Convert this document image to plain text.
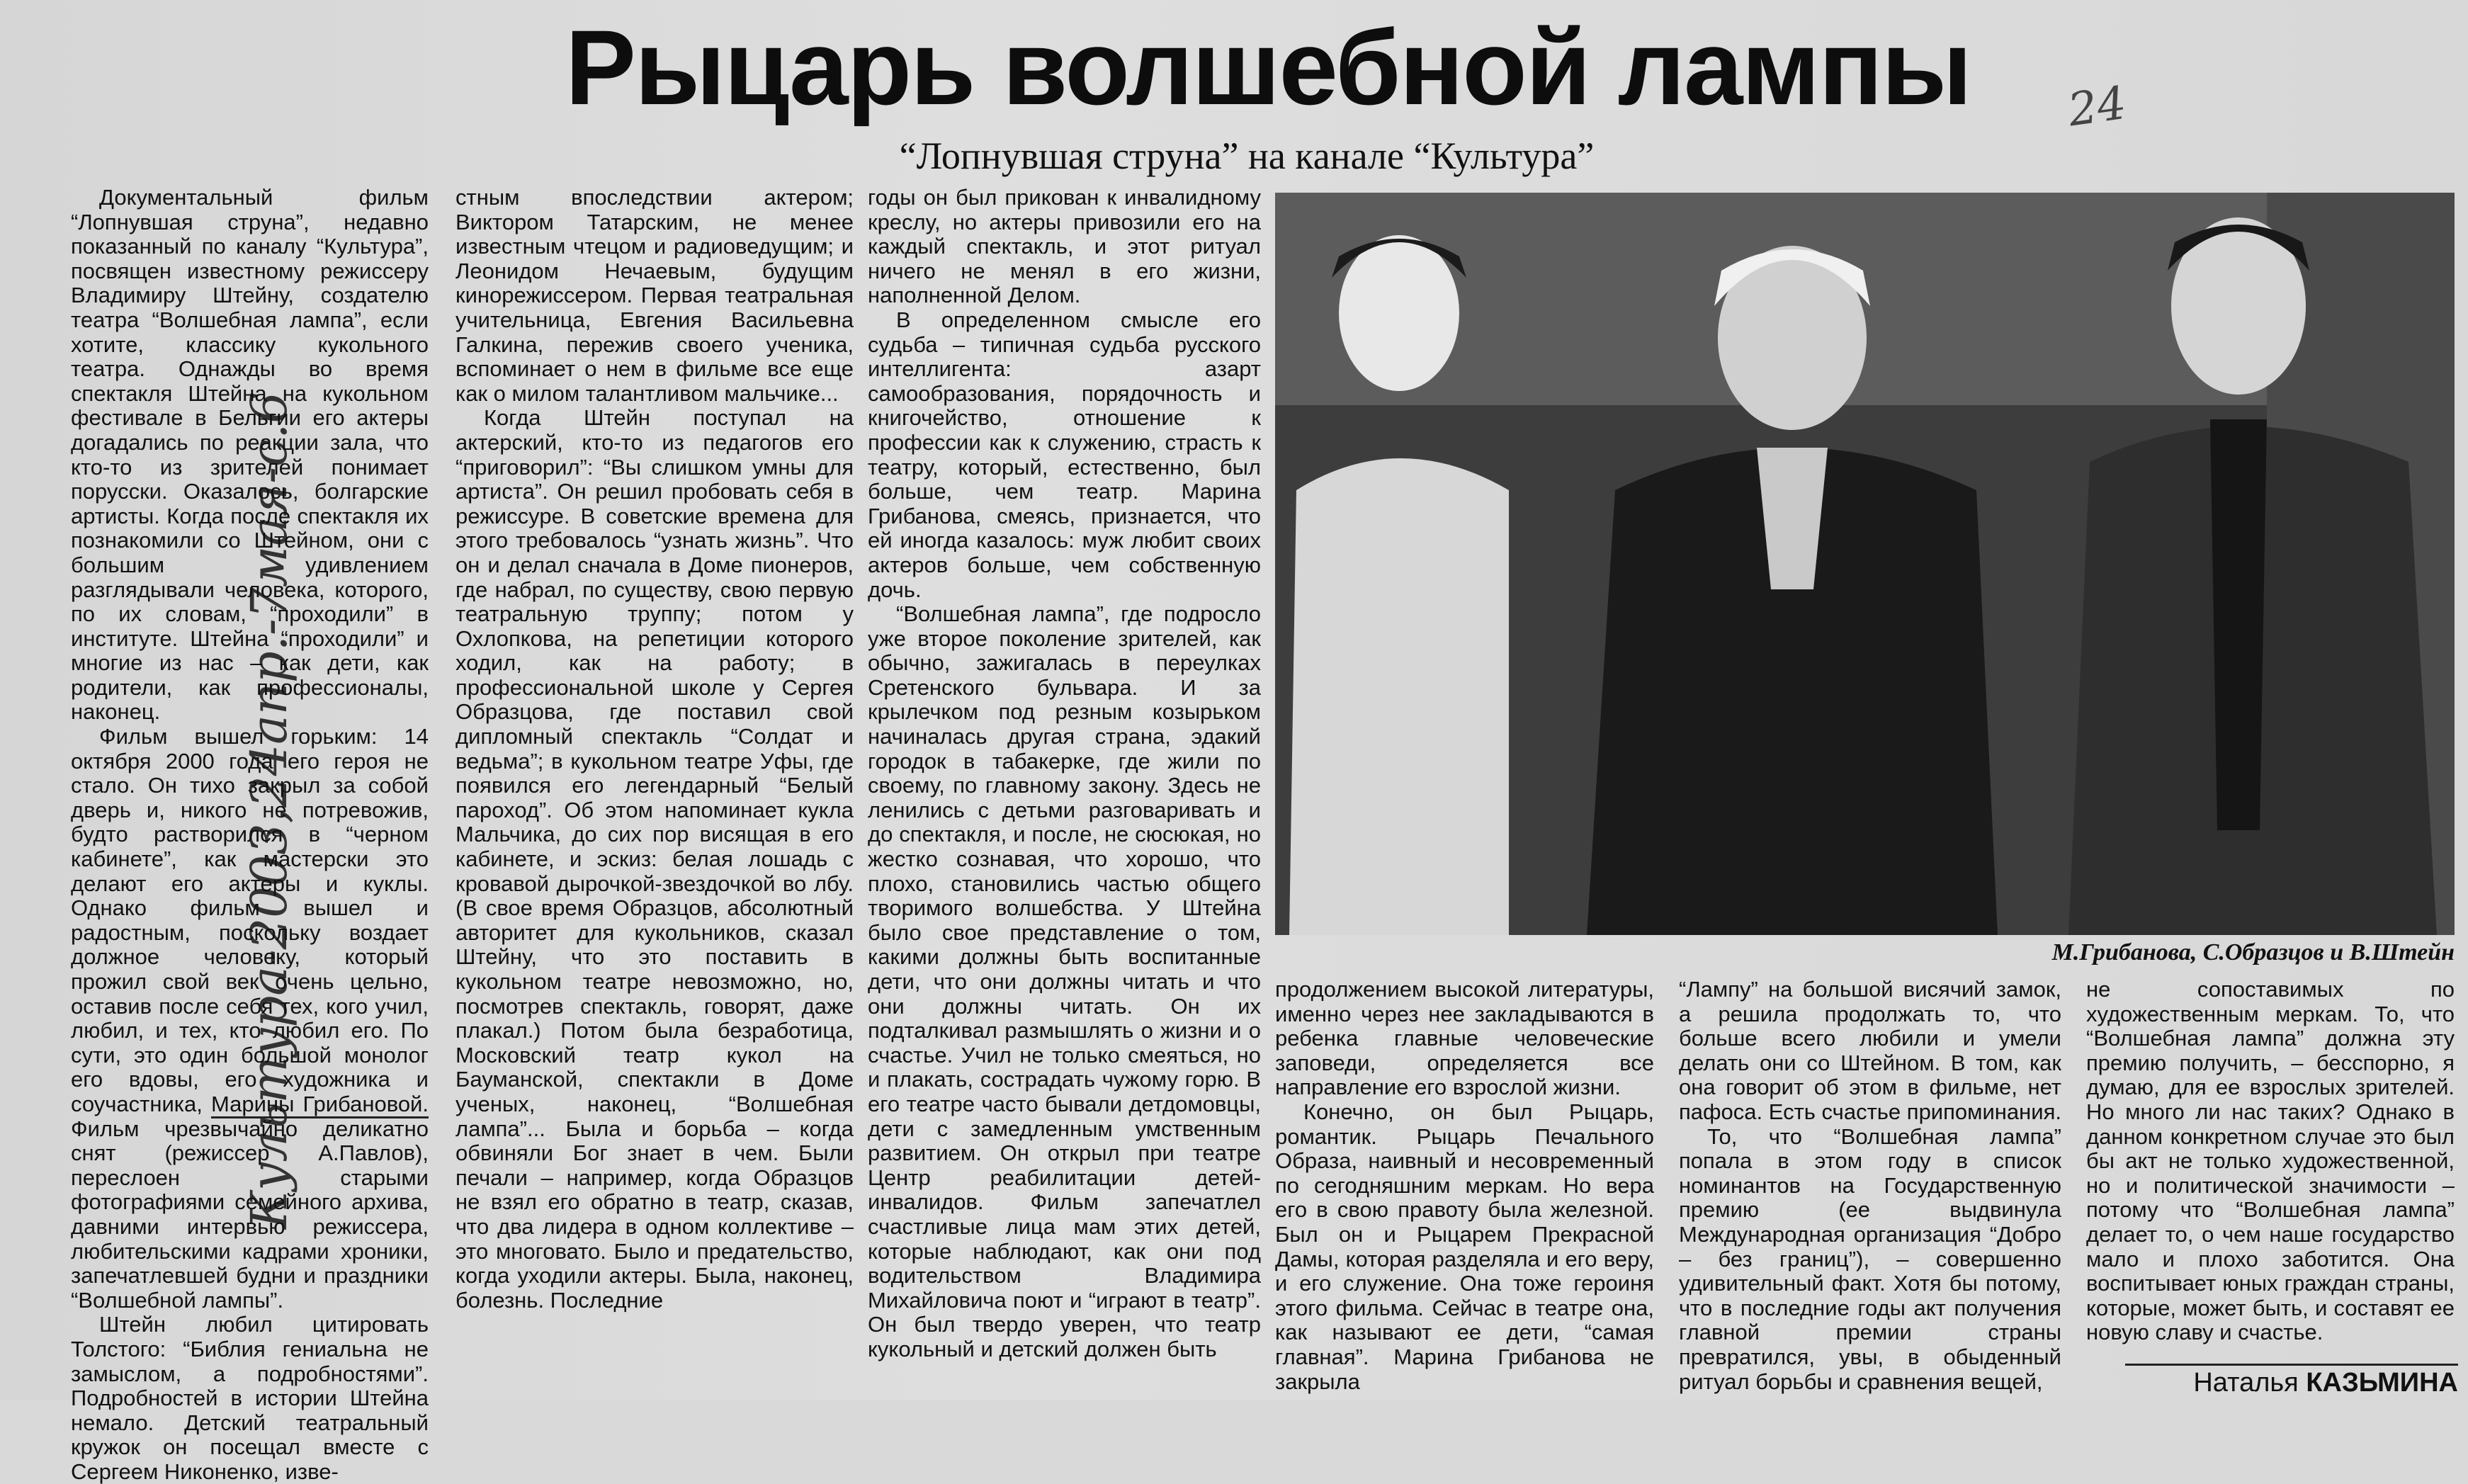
Рыцарь волшебной лампы
“Лопнувшая струна” на канале “Культура”
Культура-2003,24апр.-7мая-с.6
24

Документальный фильм “Лопнувшая струна”, недавно показанный по каналу “Культура”, посвящен известному режиссеру Владимиру Штейну, создателю театра “Волшебная лампа”, если хотите, классику кукольного театра. Однажды во время спектакля Штейна на кукольном фестивале в Бельгии его актеры догадались по реакции зала, что кто-то из зрителей понимает порусски. Оказалось, болгарские артисты. Когда после спектакля их познакомили со Штейном, они с большим удивлением разглядывали человека, которого, по их словам, “проходили” в институте. Штейна “проходили” и многие из нас – как дети, как родители, как профессионалы, наконец.

Фильм вышел горьким: 14 октября 2000 года его героя не стало. Он тихо закрыл за собой дверь и, никого не потревожив, будто растворился в “черном кабинете”, как мастерски это делают его актеры и куклы. Однако фильм вышел и радостным, поскольку воздает должное человеку, который прожил свой век очень цельно, оставив после себя тех, кого учил, любил, и тех, кто любил его. По сути, это один большой монолог его вдовы, его художника и соучастника, Марины Грибановой. Фильм чрезвычайно деликатно снят (режиссер А.Павлов), переслоен старыми фотографиями семейного архива, давними интервью режиссера, любительскими кадрами хроники, запечатлевшей будни и праздники “Волшебной лампы”.

Штейн любил цитировать Толстого: “Библия гениальна не замыслом, а подробностями”. Подробностей в истории Штейна немало. Детский театральный кружок он посещал вместе с Сергеем Никоненко, изве-

стным впоследствии актером; Виктором Татарским, не менее известным чтецом и радиоведущим; и Леонидом Нечаевым, будущим кинорежиссером. Первая театральная учительница, Евгения Васильевна Галкина, пережив своего ученика, вспоминает о нем в фильме все еще как о милом талантливом мальчике...

Когда Штейн поступал на актерский, кто-то из педагогов его “приговорил”: “Вы слишком умны для артиста”. Он решил пробовать себя в режиссуре. В советские времена для этого требовалось “узнать жизнь”. Что он и делал сначала в Доме пионеров, где набрал, по существу, свою первую театральную труппу; потом у Охлопкова, на репетиции которого ходил, как на работу; в профессиональной школе у Сергея Образцова, где поставил свой дипломный спектакль “Солдат и ведьма”; в кукольном театре Уфы, где появился его легендарный “Белый пароход”. Об этом напоминает кукла Мальчика, до сих пор висящая в его кабинете, и эскиз: белая лошадь с кровавой дырочкой-звездочкой во лбу. (В свое время Образцов, абсолютный авторитет для кукольников, сказал Штейну, что это поставить в кукольном театре невозможно, но, посмотрев спектакль, говорят, даже плакал.) Потом была безработица, Московский театр кукол на Бауманской, спектакли в Доме ученых, наконец, “Волшебная лампа”... Была и борьба – когда обвиняли Бог знает в чем. Были печали – например, когда Образцов не взял его обратно в театр, сказав, что два лидера в одном коллективе – это многовато. Было и предательство, когда уходили актеры. Была, наконец, болезнь. Последние

годы он был прикован к инвалидному креслу, но актеры привозили его на каждый спектакль, и этот ритуал ничего не менял в его жизни, наполненной Делом.

В определенном смысле его судьба – типичная судьба русского интеллигента: азарт самообразования, порядочность и книгочейство, отношение к профессии как к служению, страсть к театру, который, естественно, был больше, чем театр. Марина Грибанова, смеясь, признается, что ей иногда казалось: муж любит своих актеров больше, чем собственную дочь.

“Волшебная лампа”, где подросло уже второе поколение зрителей, как обычно, зажигалась в переулках Сретенского бульвара. И за крылечком под резным козырьком начиналась другая страна, эдакий городок в табакерке, где жили по своему, по главному закону. Здесь не ленились с детьми разговаривать и до спектакля, и после, не сюсюкая, но жестко сознавая, что хорошо, что плохо, становились частью общего творимого волшебства. У Штейна было свое представление о том, какими должны быть воспитанные дети, что они должны читать и что они должны читать. Он их подталкивал размышлять о жизни и о счастье. Учил не только смеяться, но и плакать, сострадать чужому горю. В его театре часто бывали детдомовцы, дети с замедленным умственным развитием. Он открыл при театре Центр реабилитации детей-инвалидов. Фильм запечатлел счастливые лица мам этих детей, которые наблюдают, как они под водительством Владимира Михайловича поют и “играют в театр”. Он был твердо уверен, что театр кукольный и детский должен быть

М.Грибанова, С.Образцов и В.Штейн

продолжением высокой литературы, именно через нее закладываются в ребенка главные человеческие заповеди, определяется все направление его взрослой жизни.

Конечно, он был Рыцарь, романтик. Рыцарь Печального Образа, наивный и несовременный по сегодняшним меркам. Но вера его в свою правоту была железной. Был он и Рыцарем Прекрасной Дамы, которая разделяла и его веру, и его служение. Она тоже героиня этого фильма. Сейчас в театре она, как называют ее дети, “самая главная”. Марина Грибанова не закрыла

“Лампу” на большой висячий замок, а решила продолжать то, что больше всего любили и умели делать они со Штейном. В том, как она говорит об этом в фильме, нет пафоса. Есть счастье припоминания.

То, что “Волшебная лампа” попала в этом году в список номинантов на Государственную премию (ее выдвинула Международная организация “Добро – без границ”), – совершенно удивительный факт. Хотя бы потому, что в последние годы акт получения главной премии страны превратился, увы, в обыденный ритуал борьбы и сравнения вещей,

не сопоставимых по художественным меркам. То, что “Волшебная лампа” должна эту премию получить, – бесспорно, я думаю, для ее взрослых зрителей. Но много ли нас таких? Однако в данном конкретном случае это был бы акт не только художественной, но и политической значимости – потому что “Волшебная лампа” делает то, о чем наше государство мало и плохо заботится. Она воспитывает юных граждан страны, которые, может быть, и составят ее новую славу и счастье.

Наталья КАЗЬМИНА
